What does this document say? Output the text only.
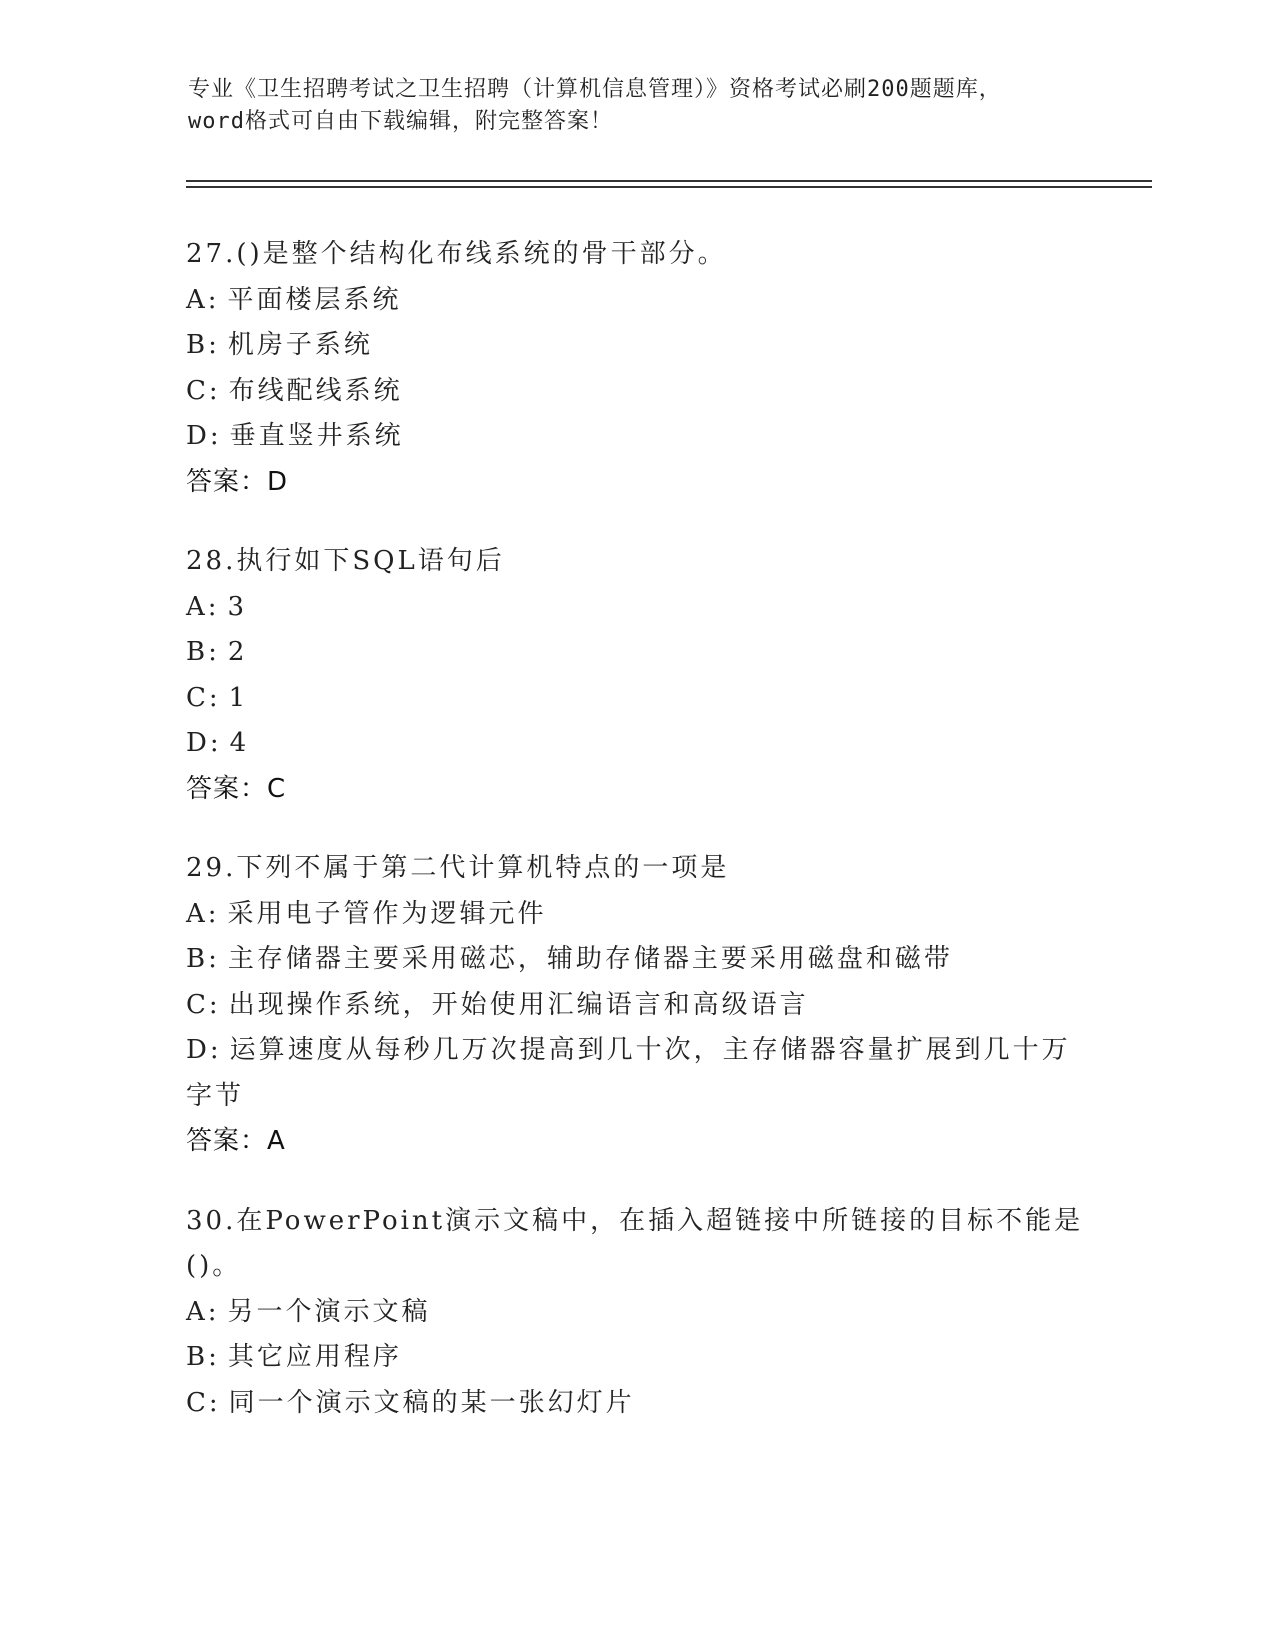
专业《卫生招聘考试之卫生招聘（计算机信息管理）》资格考试必刷200题题库，
word格式可自由下载编辑，附完整答案！
27.()是整个结构化布线系统的骨干部分。
A: 平面楼层系统
B: 机房子系统
C: 布线配线系统
D: 垂直竖井系统
答案：D
28.执行如下SQL语句后
A: 3
B: 2
C: 1
D: 4
答案：C
29.下列不属于第二代计算机特点的一项是
A: 采用电子管作为逻辑元件
B: 主存储器主要采用磁芯，辅助存储器主要采用磁盘和磁带
C: 出现操作系统，开始使用汇编语言和高级语言
D: 运算速度从每秒几万次提高到几十次，主存储器容量扩展到几十万
字节
答案：A
30.在PowerPoint演示文稿中，在插入超链接中所链接的目标不能是
()。
A: 另一个演示文稿
B: 其它应用程序
C: 同一个演示文稿的某一张幻灯片
